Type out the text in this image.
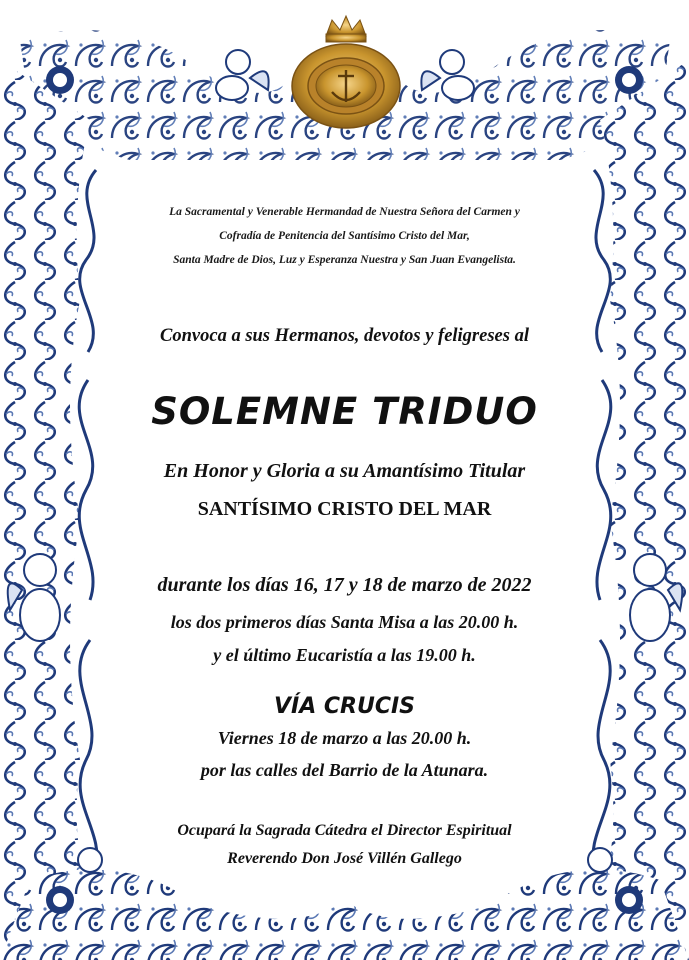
La Sacramental y Venerable Hermandad de Nuestra Señora del Carmen y
Cofradía de Penitencia del Santísimo Cristo del Mar,
Santa Madre de Dios, Luz y Esperanza Nuestra y San Juan Evangelista.
Convoca a sus Hermanos, devotos y feligreses al
SOLEMNE TRIDUO
En Honor y Gloria a su Amantísimo Titular
SANTÍSIMO CRISTO DEL MAR
durante los días 16, 17 y 18 de marzo de 2022
los dos primeros días Santa Misa a las 20.00 h.
y el último Eucaristía a las 19.00 h.
VÍA CRUCIS
Viernes 18 de marzo a las 20.00 h.
por las calles del Barrio de la Atunara.
Ocupará la Sagrada Cátedra el Director Espiritual
Reverendo Don José Villén Gallego
